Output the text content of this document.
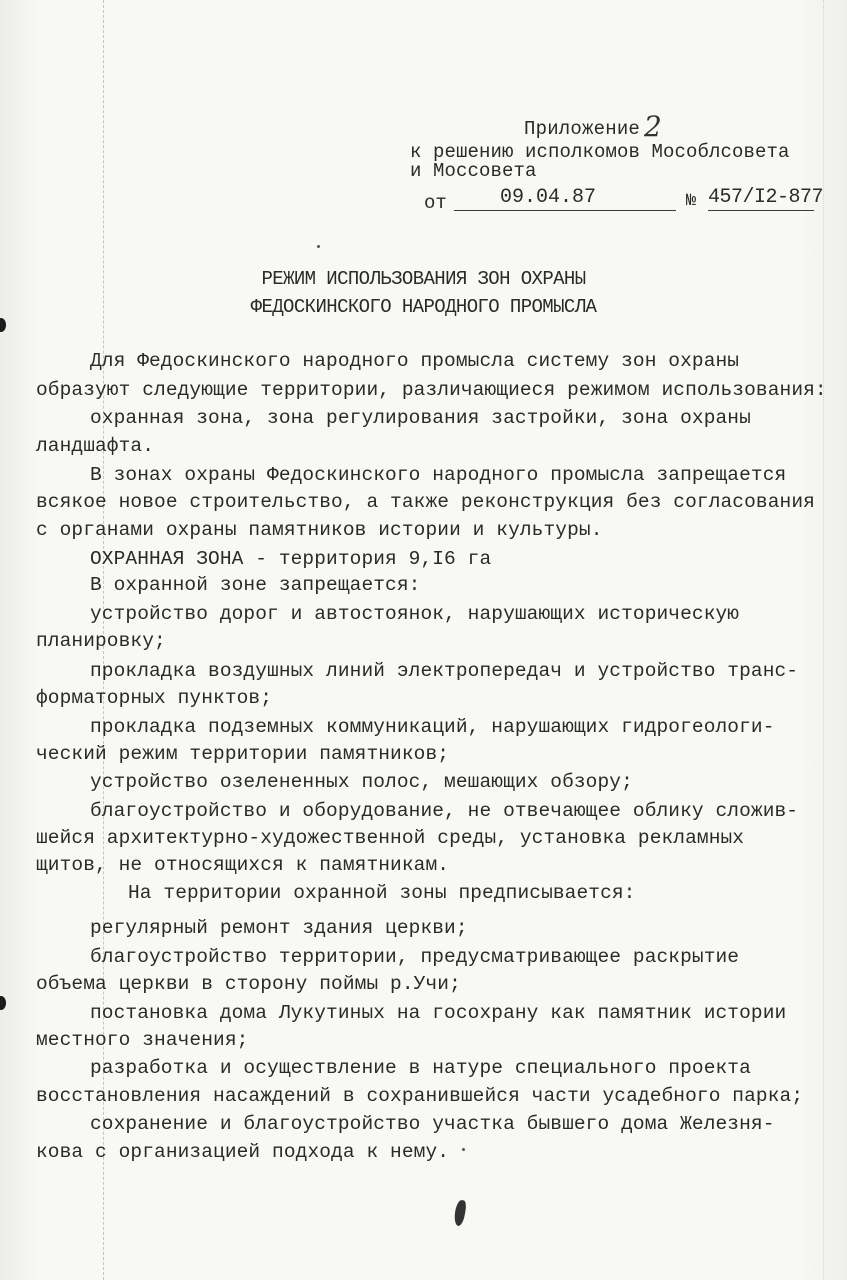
Приложение 2
к решению исполкомов Мособлсовета
и Моссовета
от	09.04.87	№ 457/I2-877
РЕЖИМ ИСПОЛЬЗОВАНИЯ ЗОН ОХРАНЫ
ФЕДОСКИНСКОГО НАРОДНОГО ПРОМЫСЛА
Для Федоскинского народного промысла систему зон охраны
образуют следующие территории, различающиеся режимом использования:
охранная зона, зона регулирования застройки, зона охраны
ландшафта.
В зонах охраны Федоскинского народного промысла запрещается
всякое новое строительство, а также реконструкция без согласования
с органами охраны памятников истории и культуры.
ОХРАННАЯ ЗОНА - территория 9,I6 га
В охранной зоне запрещается:
устройство дорог и автостоянок, нарушающих историческую
планировку;
прокладка воздушных линий электропередач и устройство транс-
форматорных пунктов;
прокладка подземных коммуникаций, нарушающих гидрогеологи-
ческий режим территории памятников;
устройство озелененных полос, мешающих обзору;
благоустройство и оборудование, не отвечающее облику сложив-
шейся архитектурно-художественной среды, установка рекламных
щитов, не относящихся к памятникам.
На территории охранной зоны предписывается:
регулярный ремонт здания церкви;
благоустройство территории, предусматривающее раскрытие
объема церкви в сторону поймы р.Учи;
постановка дома Лукутиных на госохрану как памятник истории
местного значения;
разработка и осуществление в натуре специального проекта
восстановления насаждений в сохранившейся части усадебного парка;
сохранение и благоустройство участка бывшего дома Железня-
кова с организацией подхода к нему.
